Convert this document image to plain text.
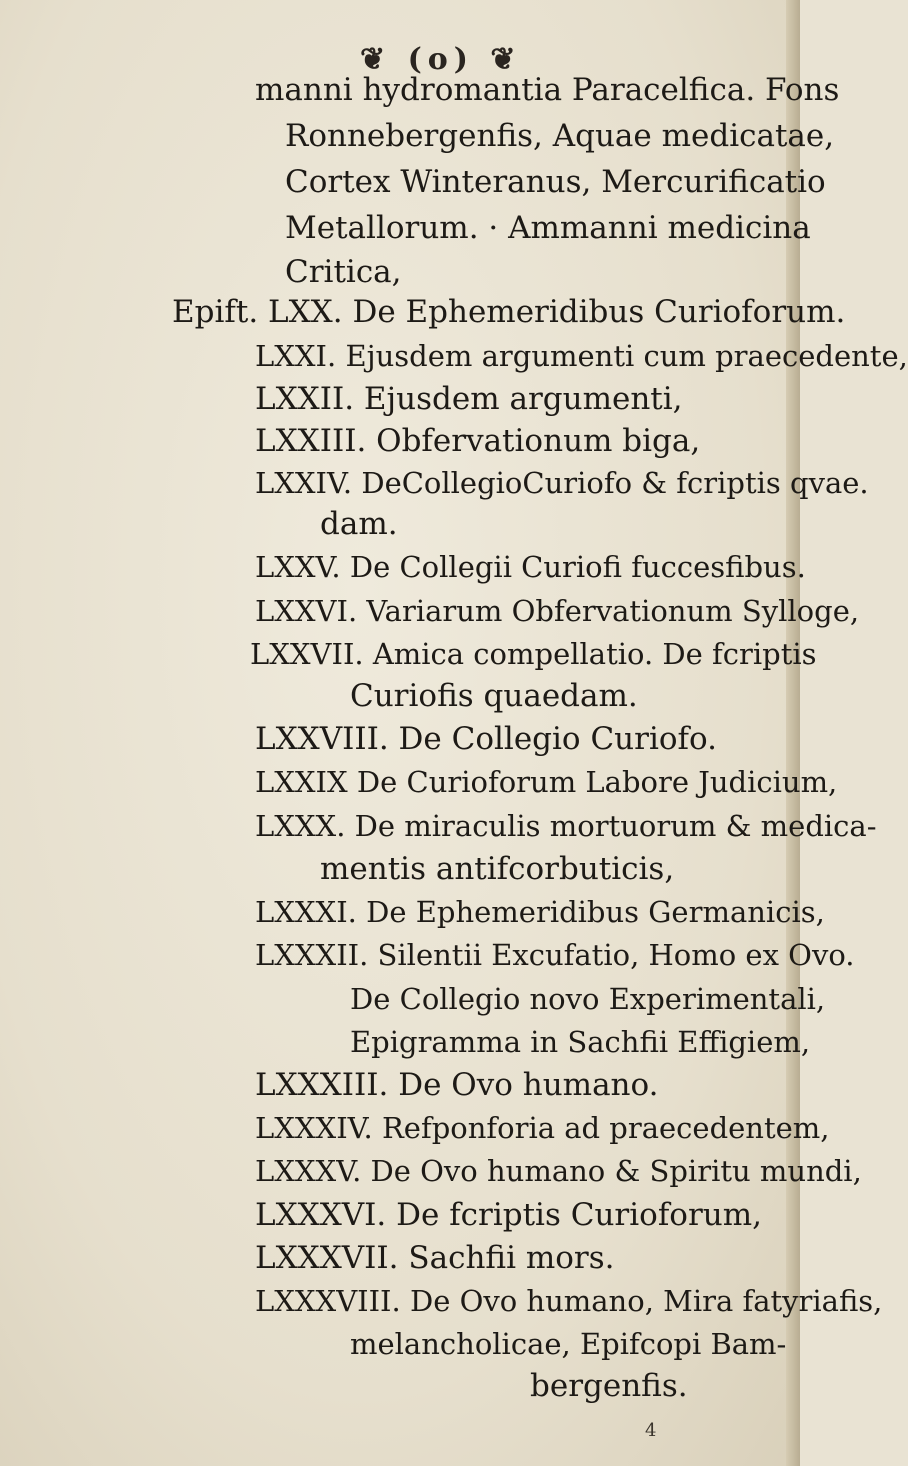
❦ (o) ❦
manni hydromantia Paracelfica. Fons
Ronnebergenfis, Aquae medicatae,
Cortex Winteranus, Mercurificatio
Metallorum. · Ammanni medicina
Critica,
Epift. LXX. De Ephemeridibus Curioforum.
LXXI. Ejusdem argumenti cum praecedente,
LXXII. Ejusdem argumenti,
LXXIII. Obfervationum biga,
LXXIV. DeCollegioCuriofo & fcriptis qvae.
dam.
LXXV. De Collegii Curiofi fuccesfibus.
LXXVI. Variarum Obfervationum Sylloge,
LXXVII. Amica compellatio. De fcriptis
Curiofis quaedam.
LXXVIII. De Collegio Curiofo.
LXXIX De Curioforum Labore Judicium,
LXXX. De miraculis mortuorum & medica-
mentis antifcorbuticis,
LXXXI. De Ephemeridibus Germanicis,
LXXXII. Silentii Excufatio, Homo ex Ovo.
De Collegio novo Experimentali,
Epigramma in Sachfii Effigiem,
LXXXIII. De Ovo humano.
LXXXIV. Refponforia ad praecedentem,
LXXXV. De Ovo humano & Spiritu mundi,
LXXXVI. De fcriptis Curioforum,
LXXXVII. Sachfii mors.
LXXXVIII. De Ovo humano, Mira fatyriafis,
melancholicae, Epifcopi Bam-
bergenfis.
4
